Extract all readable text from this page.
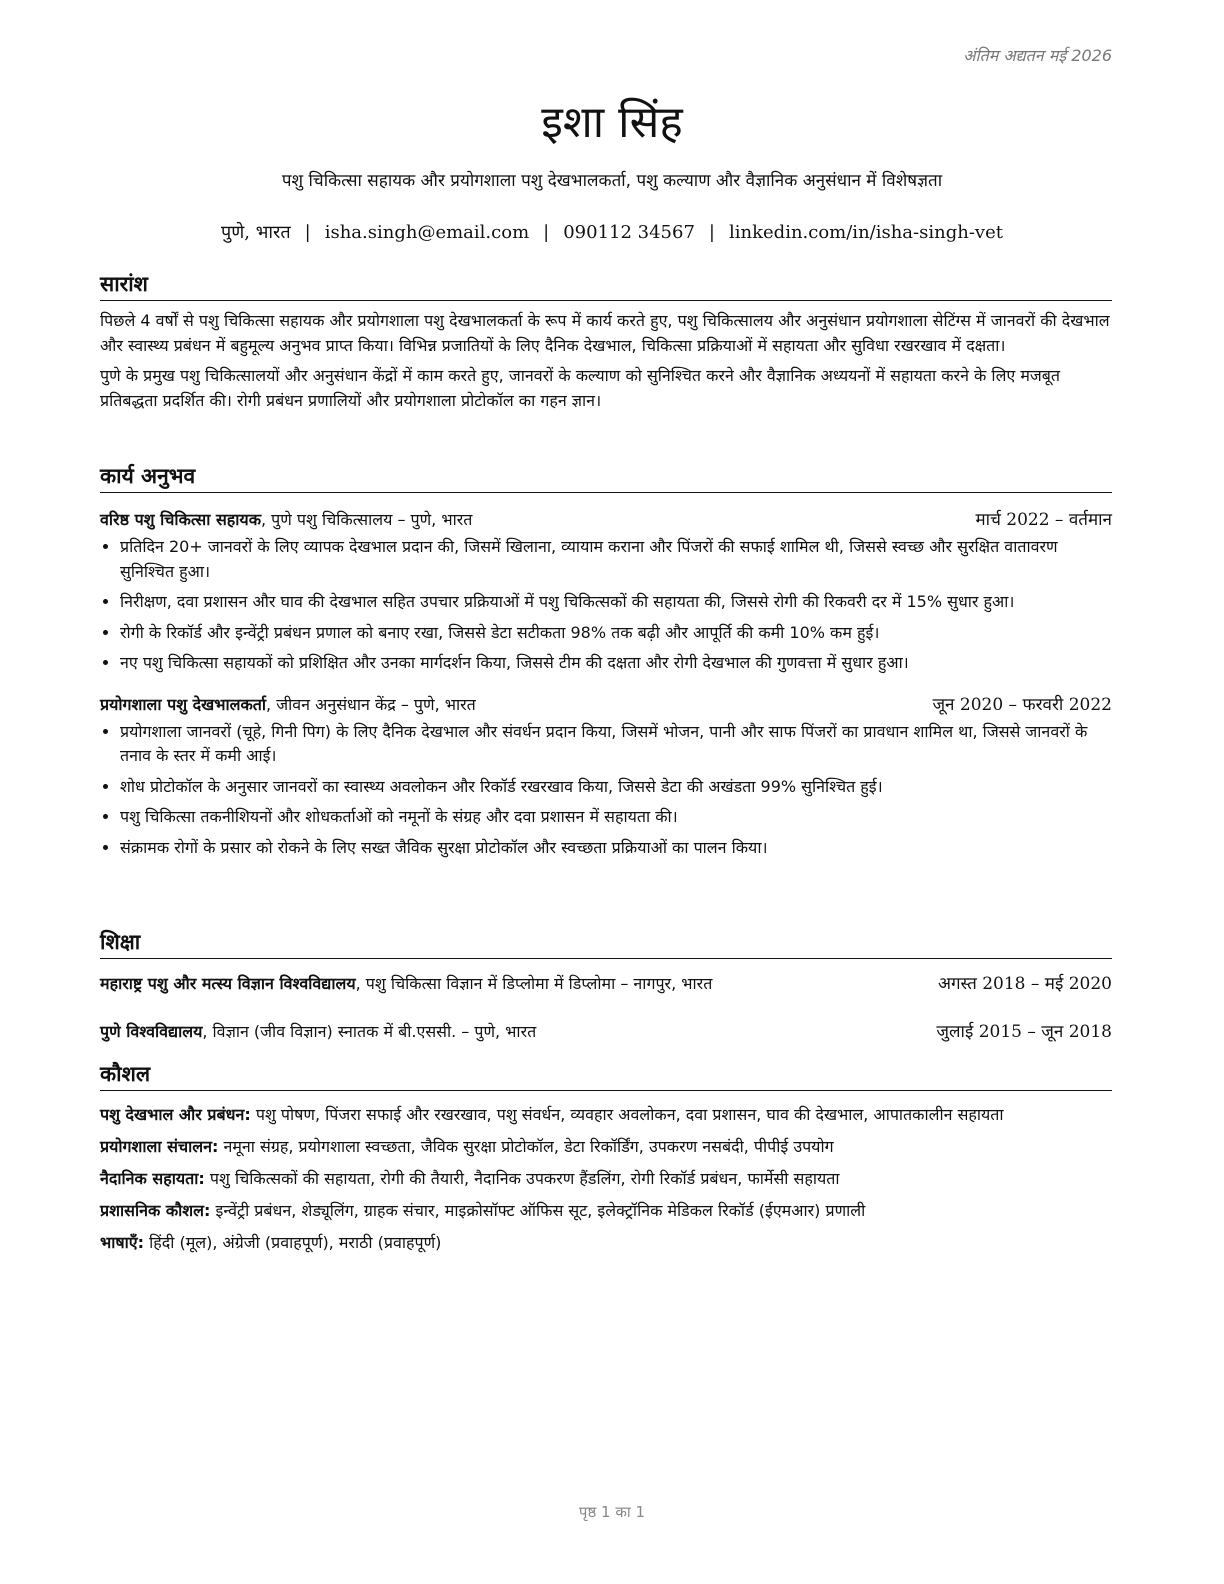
अंतिम अद्यतन मई 2026
इशा सिंह
पशु चिकित्सा सहायक और प्रयोगशाला पशु देखभालकर्ता, पशु कल्याण और वैज्ञानिक अनुसंधान में विशेषज्ञता
पुणे, भारत | isha.singh@email.com | 090112 34567 | linkedin.com/in/isha-singh-vet
सारांश

पिछले 4 वर्षों से पशु चिकित्सा सहायक और प्रयोगशाला पशु देखभालकर्ता के रूप में कार्य करते हुए, पशु चिकित्सालय और अनुसंधान प्रयोगशाला सेटिंग्स में जानवरों की देखभाल और स्वास्थ्य प्रबंधन में बहुमूल्य अनुभव प्राप्त किया। विभिन्न प्रजातियों के लिए दैनिक देखभाल, चिकित्सा प्रक्रियाओं में सहायता और सुविधा रखरखाव में दक्षता।

पुणे के प्रमुख पशु चिकित्सालयों और अनुसंधान केंद्रों में काम करते हुए, जानवरों के कल्याण को सुनिश्चित करने और वैज्ञानिक अध्ययनों में सहायता करने के लिए मजबूत प्रतिबद्धता प्रदर्शित की। रोगी प्रबंधन प्रणालियों और प्रयोगशाला प्रोटोकॉल का गहन ज्ञान।

कार्य अनुभव
वरिष्ठ पशु चिकित्सा सहायक, पुणे पशु चिकित्सालय – पुणे, भारत	मार्च 2022 – वर्तमान
• प्रतिदिन 20+ जानवरों के लिए व्यापक देखभाल प्रदान की, जिसमें खिलाना, व्यायाम कराना और पिंजरों की सफाई शामिल थी, जिससे स्वच्छ और सुरक्षित वातावरण सुनिश्चित हुआ।
• निरीक्षण, दवा प्रशासन और घाव की देखभाल सहित उपचार प्रक्रियाओं में पशु चिकित्सकों की सहायता की, जिससे रोगी की रिकवरी दर में 15% सुधार हुआ।
• रोगी के रिकॉर्ड और इन्वेंट्री प्रबंधन प्रणाल को बनाए रखा, जिससे डेटा सटीकता 98% तक बढ़ी और आपूर्ति की कमी 10% कम हुई।
• नए पशु चिकित्सा सहायकों को प्रशिक्षित और उनका मार्गदर्शन किया, जिससे टीम की दक्षता और रोगी देखभाल की गुणवत्ता में सुधार हुआ।
प्रयोगशाला पशु देखभालकर्ता, जीवन अनुसंधान केंद्र – पुणे, भारत	जून 2020 – फरवरी 2022
• प्रयोगशाला जानवरों (चूहे, गिनी पिग) के लिए दैनिक देखभाल और संवर्धन प्रदान किया, जिसमें भोजन, पानी और साफ पिंजरों का प्रावधान शामिल था, जिससे जानवरों के तनाव के स्तर में कमी आई।
• शोध प्रोटोकॉल के अनुसार जानवरों का स्वास्थ्य अवलोकन और रिकॉर्ड रखरखाव किया, जिससे डेटा की अखंडता 99% सुनिश्चित हुई।
• पशु चिकित्सा तकनीशियनों और शोधकर्ताओं को नमूनों के संग्रह और दवा प्रशासन में सहायता की।
• संक्रामक रोगों के प्रसार को रोकने के लिए सख्त जैविक सुरक्षा प्रोटोकॉल और स्वच्छता प्रक्रियाओं का पालन किया।
शिक्षा
महाराष्ट्र पशु और मत्स्य विज्ञान विश्वविद्यालय, पशु चिकित्सा विज्ञान में डिप्लोमा में डिप्लोमा – नागपुर, भारत	अगस्त 2018 – मई 2020
पुणे विश्वविद्यालय, विज्ञान (जीव विज्ञान) स्नातक में बी.एससी. – पुणे, भारत	जुलाई 2015 – जून 2018
कौशल

पशु देखभाल और प्रबंधन: पशु पोषण, पिंजरा सफाई और रखरखाव, पशु संवर्धन, व्यवहार अवलोकन, दवा प्रशासन, घाव की देखभाल, आपातकालीन सहायता

प्रयोगशाला संचालन: नमूना संग्रह, प्रयोगशाला स्वच्छता, जैविक सुरक्षा प्रोटोकॉल, डेटा रिकॉर्डिंग, उपकरण नसबंदी, पीपीई उपयोग

नैदानिक सहायता: पशु चिकित्सकों की सहायता, रोगी की तैयारी, नैदानिक उपकरण हैंडलिंग, रोगी रिकॉर्ड प्रबंधन, फार्मेसी सहायता

प्रशासनिक कौशल: इन्वेंट्री प्रबंधन, शेड्यूलिंग, ग्राहक संचार, माइक्रोसॉफ्ट ऑफिस सूट, इलेक्ट्रॉनिक मेडिकल रिकॉर्ड (ईएमआर) प्रणाली

भाषाएँ: हिंदी (मूल), अंग्रेजी (प्रवाहपूर्ण), मराठी (प्रवाहपूर्ण)

पृष्ठ 1 का 1
